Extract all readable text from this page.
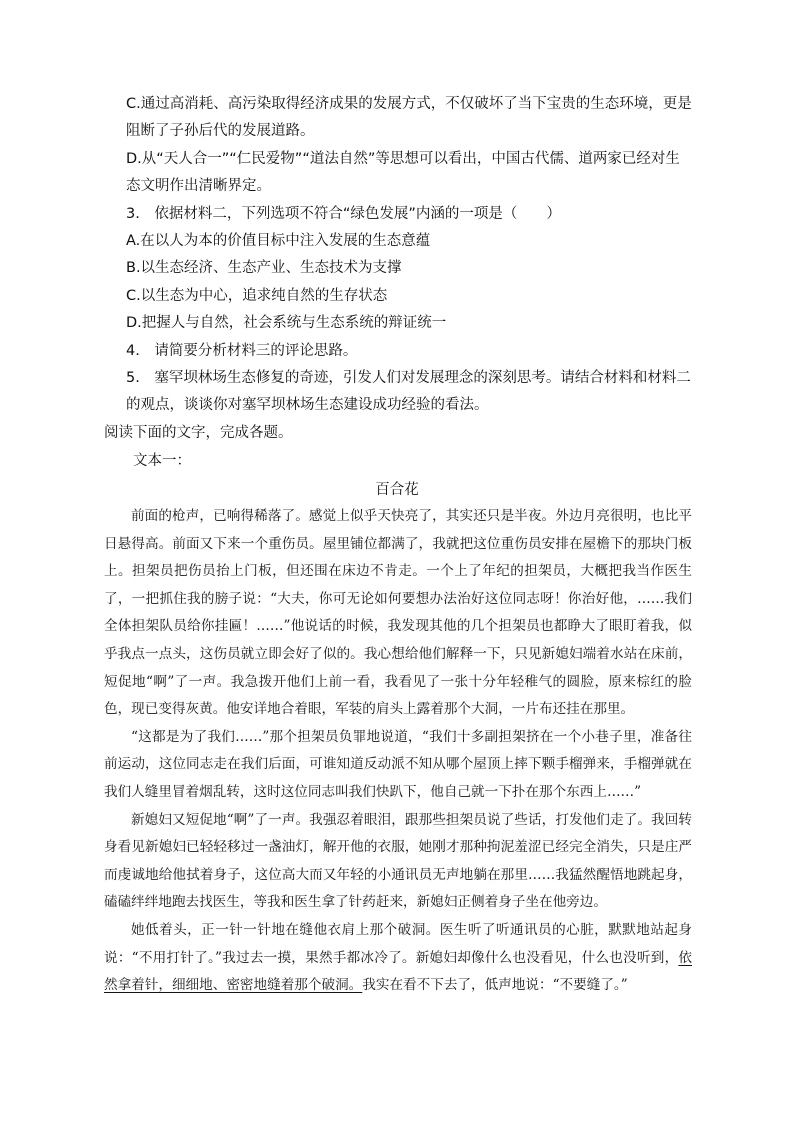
C.通过高消耗、高污染取得经济成果的发展方式，不仅破坏了当下宝贵的生态环境，更是阻断了子孙后代的发展道路。

D.从“天人合一”“仁民爱物”“道法自然”等思想可以看出，中国古代儒、道两家已经对生态文明作出清晰界定。

3.　依据材料二，下列选项不符合“绿色发展”内涵的一项是（　　）

A.在以人为本的价值目标中注入发展的生态意蕴

B.以生态经济、生态产业、生态技术为支撑

C.以生态为中心，追求纯自然的生存状态

D.把握人与自然，社会系统与生态系统的辩证统一

4.　请简要分析材料三的评论思路。

5.　塞罕坝林场生态修复的奇迹，引发人们对发展理念的深刻思考。请结合材料和材料二的观点，谈谈你对塞罕坝林场生态建设成功经验的看法。

阅读下面的文字，完成各题。
文本一：
百合花

前面的枪声，已响得稀落了。感觉上似乎天快亮了，其实还只是半夜。外边月亮很明，也比平日悬得高。前面又下来一个重伤员。屋里铺位都满了，我就把这位重伤员安排在屋檐下的那块门板上。担架员把伤员抬上门板，但还围在床边不肯走。一个上了年纪的担架员，大概把我当作医生了，一把抓住我的膀子说：“大夫，你可无论如何要想办法治好这位同志呀！你治好他，……我们全体担架队员给你挂匾！……”他说话的时候，我发现其他的几个担架员也都睁大了眼盯着我，似乎我点一点头，这伤员就立即会好了似的。我心想给他们解释一下，只见新媳妇端着水站在床前，短促地“啊”了一声。我急拨开他们上前一看，我看见了一张十分年轻稚气的圆脸，原来棕红的脸色，现已变得灰黄。他安详地合着眼，军装的肩头上露着那个大洞，一片布还挂在那里。

“这都是为了我们……”那个担架员负罪地说道，“我们十多副担架挤在一个小巷子里，准备往前运动，这位同志走在我们后面，可谁知道反动派不知从哪个屋顶上摔下颗手榴弹来，手榴弹就在我们人缝里冒着烟乱转，这时这位同志叫我们快趴下，他自己就一下扑在那个东西上……”

新媳妇又短促地“啊”了一声。我强忍着眼泪，跟那些担架员说了些话，打发他们走了。我回转身看见新媳妇已轻轻移过一盏油灯，解开他的衣服，她刚才那种拘泥羞涩已经完全消失，只是庄严而虔诚地给他拭着身子，这位高大而又年轻的小通讯员无声地躺在那里……我猛然醒悟地跳起身，磕磕绊绊地跑去找医生，等我和医生拿了针药赶来，新媳妇正侧着身子坐在他旁边。

她低着头，正一针一针地在缝他衣肩上那个破洞。医生听了听通讯员的心脏，默默地站起身说：“不用打针了。”我过去一摸，果然手都冰冷了。新媳妇却像什么也没看见，什么也没听到，依然拿着针，细细地、密密地缝着那个破洞。我实在看不下去了，低声地说：“不要缝了。”
